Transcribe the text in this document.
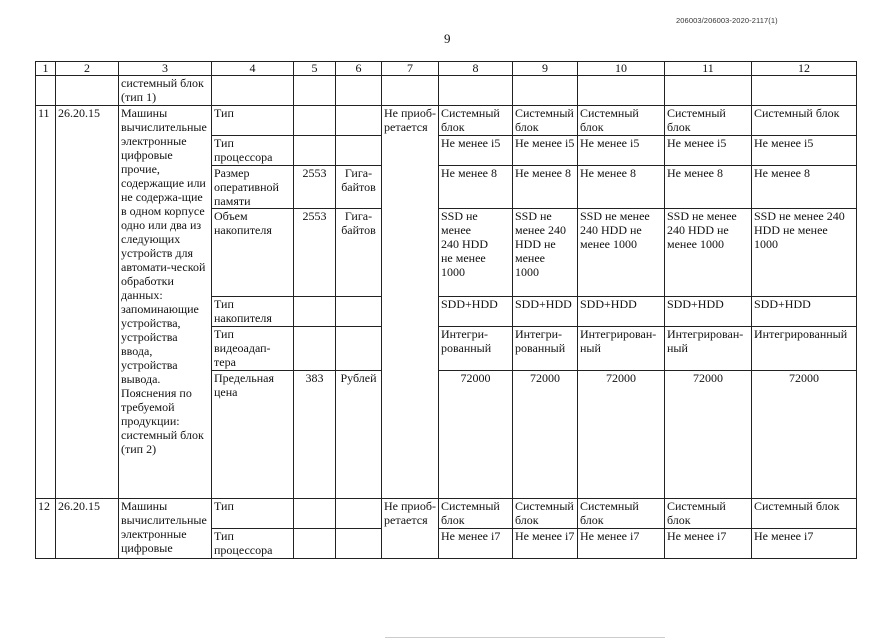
206003/206003-2020-2117(1)
9
1	2	3	4	5	6	7	8	9	10	11	12
		системный блок (тип 1)									
11	26.20.15	Машины вычислительные электронные цифровые прочие, содержащие или не содержа-щие в одном корпусе одно или два из следующих устройств для автомати-ческой обработки данных: запоминающие устройства, устройства ввода, устройства вывода. Пояснения по требуемой продукции: системный блок (тип 2)	Тип			Не приоб-ретается	Системный блок	Системный блок	Системный блок	Системный блок	Системный блок
			Тип процессора				Не менее i5	Не менее i5	Не менее i5	Не менее i5	Не менее i5
			Размер оперативной памяти	2553	Гига-байтов		Не менее 8	Не менее 8	Не менее 8	Не менее 8	Не менее 8
			Объем накопителя	2553	Гига-байтов		SSD не менее 240 HDD не менее 1000	SSD не менее 240 HDD не менее 1000	SSD не менее 240 HDD не менее 1000	SSD не менее 240 HDD не менее 1000	SSD не менее 240 HDD не менее 1000
			Тип накопителя				SDD+HDD	SDD+HDD	SDD+HDD	SDD+HDD	SDD+HDD
			Тип видеоадап-тера				Интегри-рованный	Интегри-рованный	Интегрирован-ный	Интегрирован-ный	Интегрированный
			Предельная цена	383	Рублей		72000	72000	72000	72000	72000
12	26.20.15	Машины вычислительные электронные цифровые	Тип			Не приоб-ретается	Системный блок	Системный блок	Системный блок	Системный блок	Системный блок
			Тип процессора				Не менее i7	Не менее i7	Не менее i7	Не менее i7	Не менее i7
